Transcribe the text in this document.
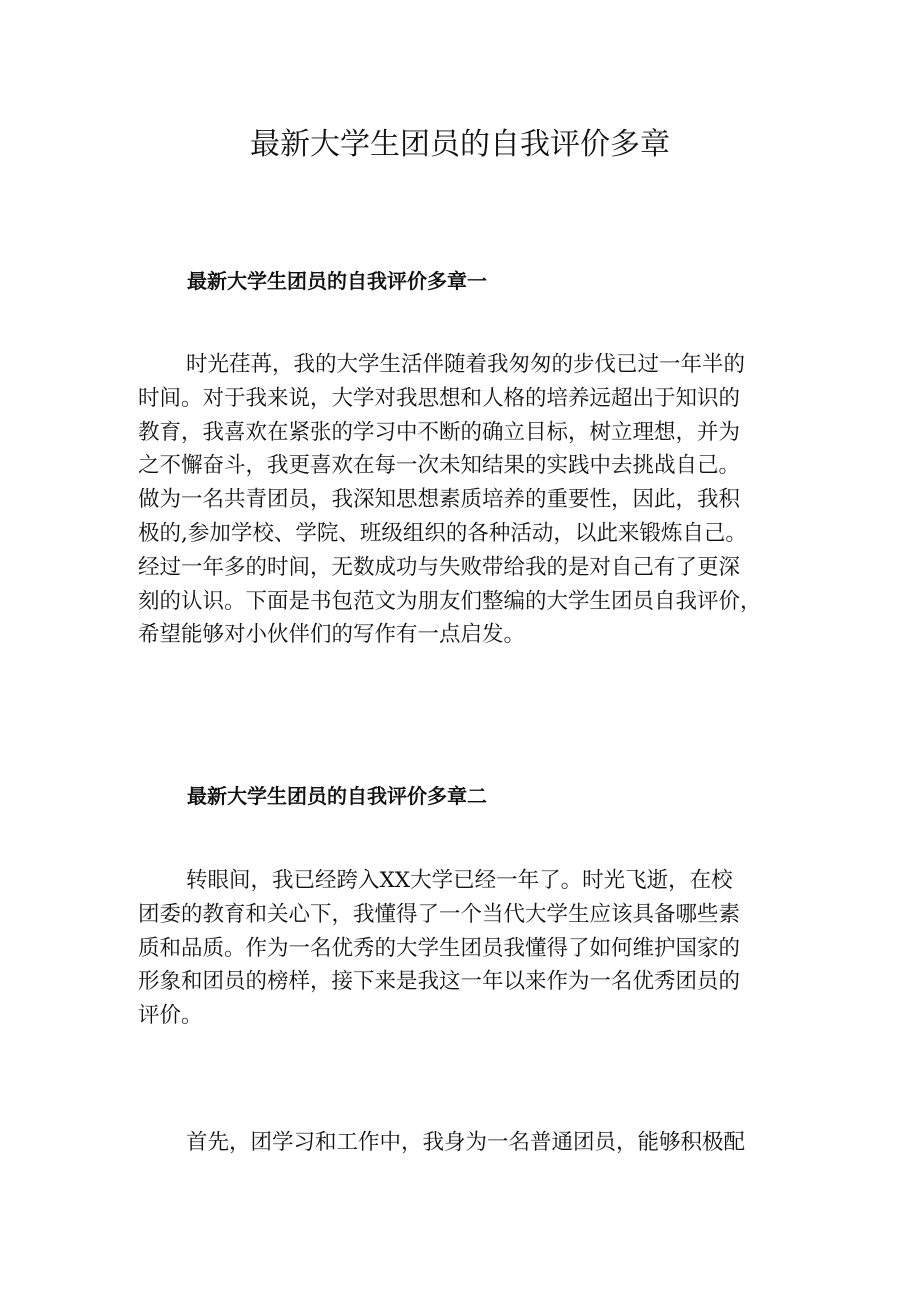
最新大学生团员的自我评价多章
最新大学生团员的自我评价多章一
时光荏苒，我的大学生活伴随着我匆匆的步伐已过一年半的
时间。对于我来说，大学对我思想和人格的培养远超出于知识的
教育，我喜欢在紧张的学习中不断的确立目标，树立理想，并为
之不懈奋斗，我更喜欢在每一次未知结果的实践中去挑战自己。
做为一名共青团员，我深知思想素质培养的重要性，因此，我积
极的,参加学校、学院、班级组织的各种活动，以此来锻炼自己。
经过一年多的时间，无数成功与失败带给我的是对自己有了更深
刻的认识。下面是书包范文为朋友们整编的大学生团员自我评价，
希望能够对小伙伴们的写作有一点启发。
最新大学生团员的自我评价多章二
转眼间，我已经跨入XX大学已经一年了。时光飞逝，在校
团委的教育和关心下，我懂得了一个当代大学生应该具备哪些素
质和品质。作为一名优秀的大学生团员我懂得了如何维护国家的
形象和团员的榜样，接下来是我这一年以来作为一名优秀团员的
评价。
首先，团学习和工作中，我身为一名普通团员，能够积极配
